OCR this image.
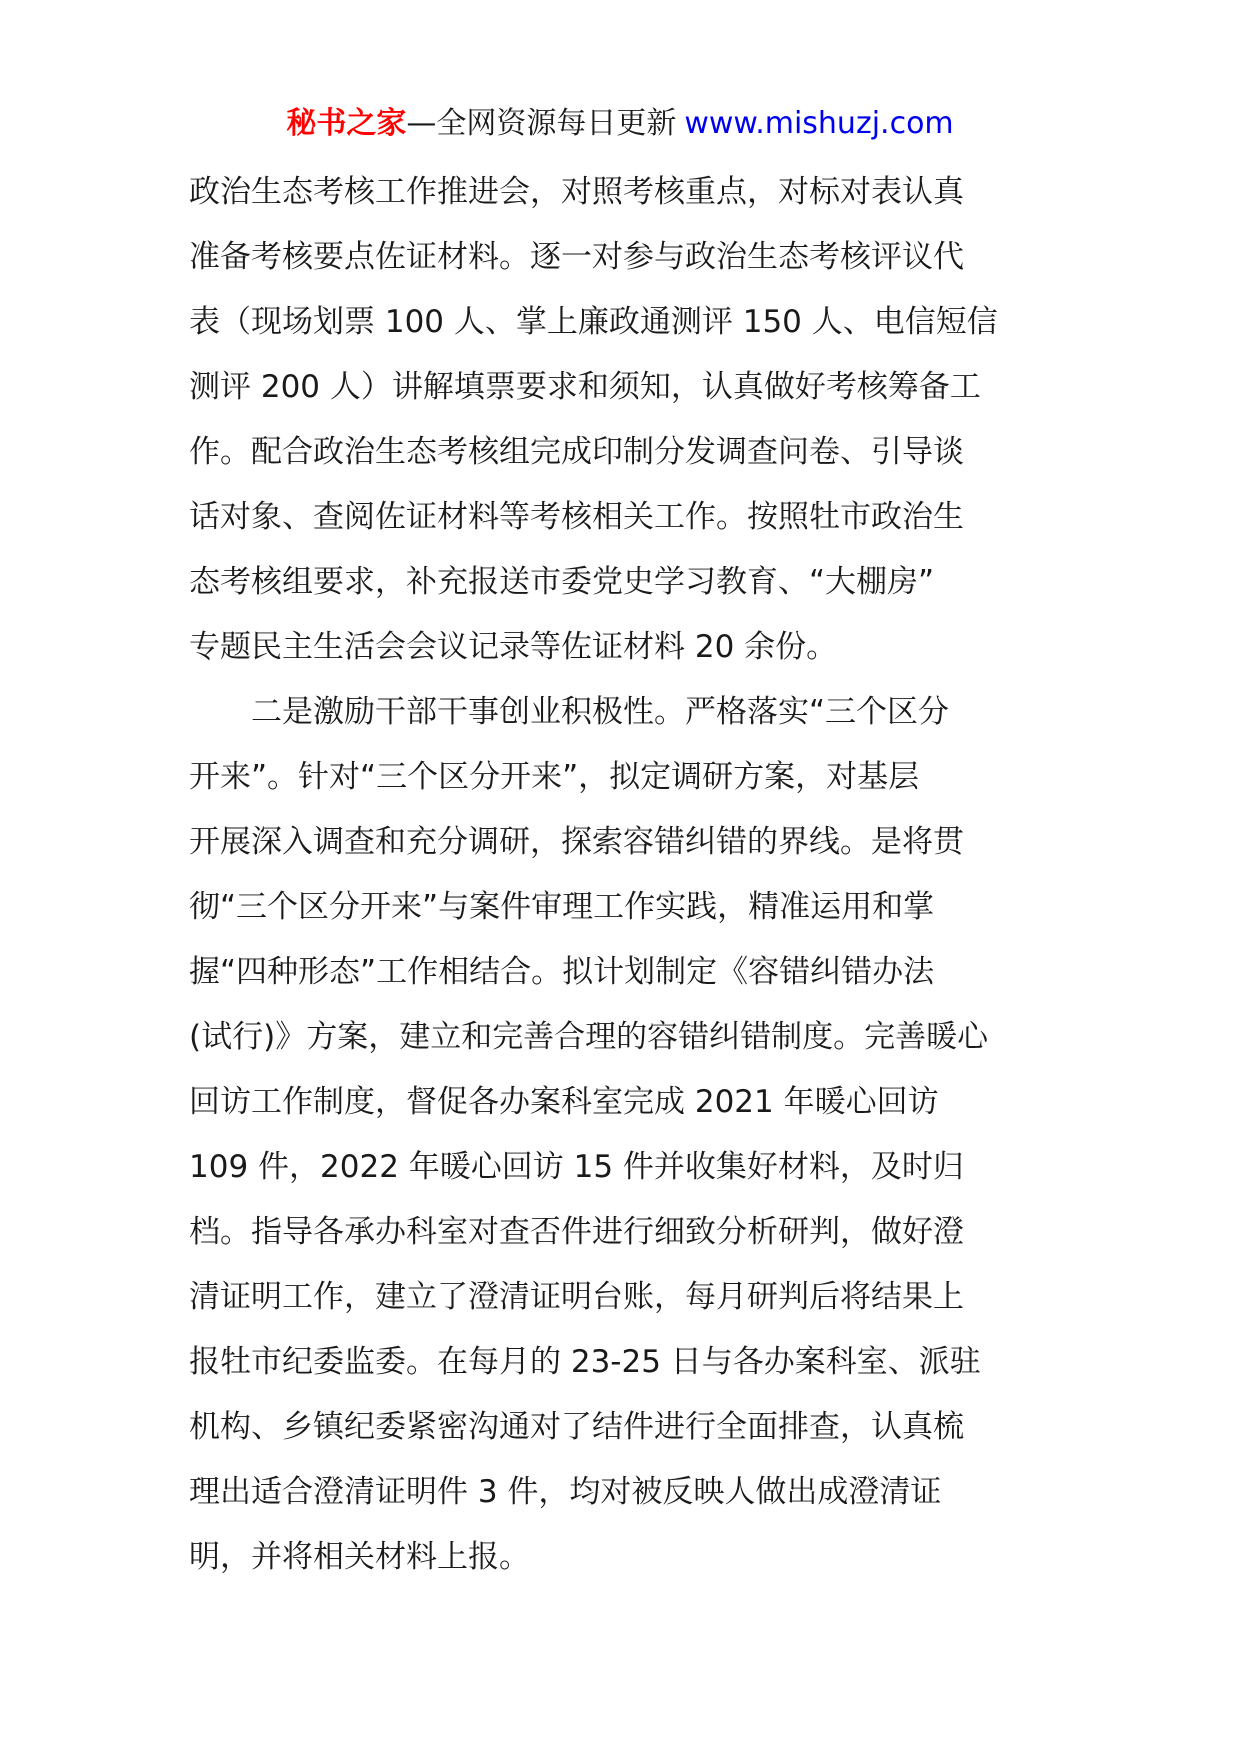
秘书之家—全网资源每日更新 www.mishuzj.com
政治生态考核工作推进会，对照考核重点，对标对表认真
准备考核要点佐证材料。逐一对参与政治生态考核评议代
表（现场划票 100 人、掌上廉政通测评 150 人、电信短信
测评 200 人）讲解填票要求和须知，认真做好考核筹备工
作。配合政治生态考核组完成印制分发调查问卷、引导谈
话对象、查阅佐证材料等考核相关工作。按照牡市政治生
态考核组要求，补充报送市委党史学习教育、“大棚房”
专题民主生活会会议记录等佐证材料 20 余份。
　　二是激励干部干事创业积极性。严格落实“三个区分
开来”。针对“三个区分开来”，拟定调研方案，对基层
开展深入调查和充分调研，探索容错纠错的界线。是将贯
彻“三个区分开来”与案件审理工作实践，精准运用和掌
握“四种形态”工作相结合。拟计划制定《容错纠错办法
(试行)》方案，建立和完善合理的容错纠错制度。完善暖心
回访工作制度，督促各办案科室完成 2021 年暖心回访
109 件，2022 年暖心回访 15 件并收集好材料，及时归
档。指导各承办科室对查否件进行细致分析研判，做好澄
清证明工作，建立了澄清证明台账，每月研判后将结果上
报牡市纪委监委。在每月的 23-25 日与各办案科室、派驻
机构、乡镇纪委紧密沟通对了结件进行全面排查，认真梳
理出适合澄清证明件 3 件，均对被反映人做出成澄清证
明，并将相关材料上报。
